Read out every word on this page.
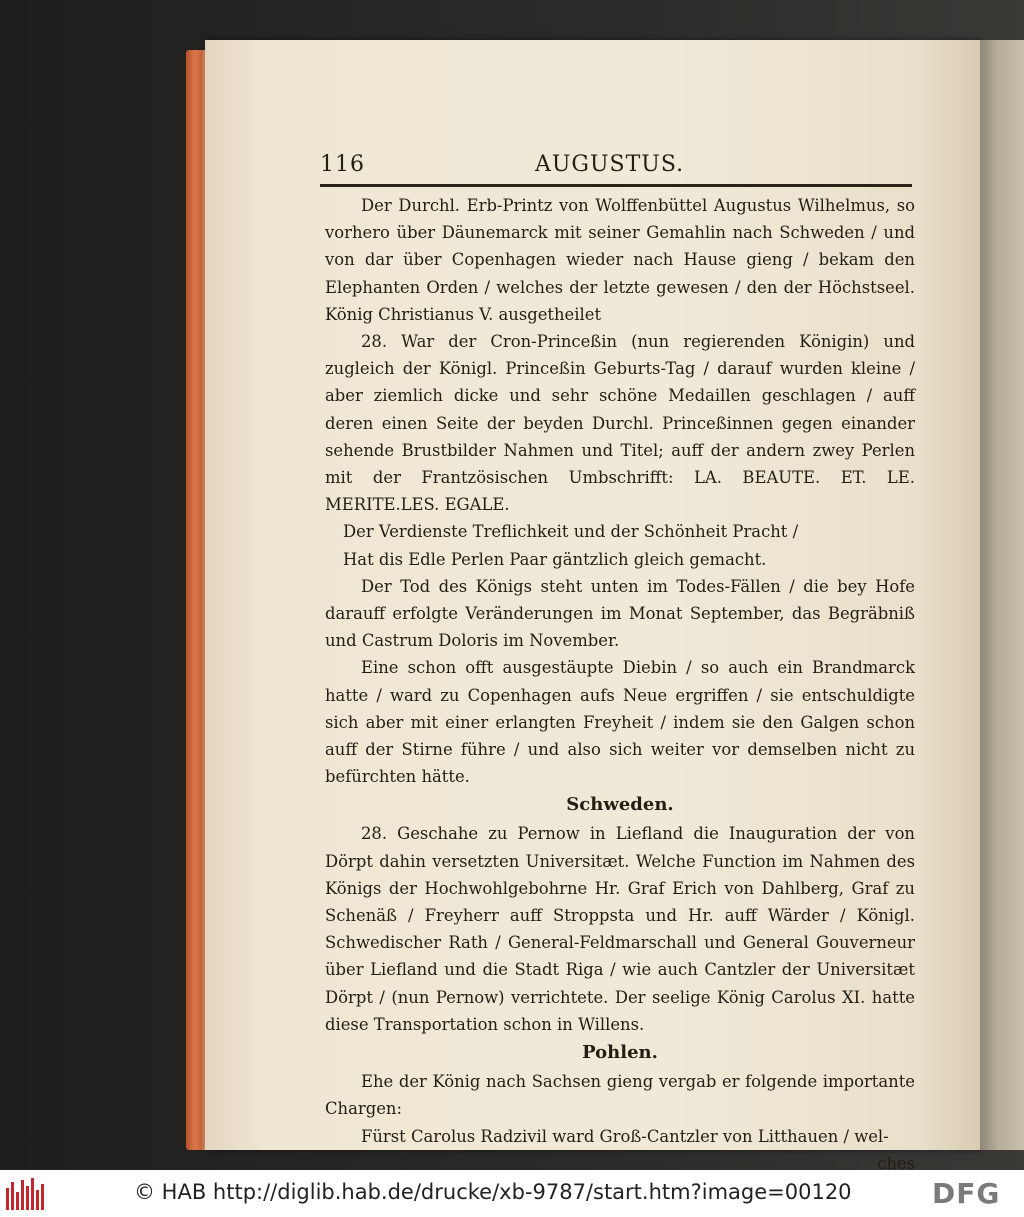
116	AUGUSTUS.
Der Durchl. Erb-Printz von Wolffenbüttel Augustus Wilhelmus, so vorhero über Däunemarck mit seiner Gemahlin nach Schweden / und von dar über Copenhagen wieder nach Hause gieng / bekam den Elephanten Orden / welches der letzte gewesen / den der Höchstseel. König Christianus V. ausgetheilet
28. War der Cron-Princeßin (nun regierenden Königin) und zugleich der Königl. Princeßin Geburts-Tag / darauf wurden kleine / aber ziemlich dicke und sehr schöne Medaillen geschlagen / auff deren einen Seite der beyden Durchl. Princeßinnen gegen einander sehende Brustbilder Nahmen und Titel; auff der andern zwey Perlen mit der Frantzösischen Umbschrifft: LA. BEAUTE. ET. LE. MERITE.LES. EGALE.
Der Verdienste Treflichkeit und der Schönheit Pracht /
Hat dis Edle Perlen Paar gäntzlich gleich gemacht.
Der Tod des Königs steht unten im Todes-Fällen / die bey Hofe darauff erfolgte Veränderungen im Monat September, das Begräbniß und Castrum Doloris im November.
Eine schon offt ausgestäupte Diebin / so auch ein Brandmarck hatte / ward zu Copenhagen aufs Neue ergriffen / sie entschuldigte sich aber mit einer erlangten Freyheit / indem sie den Galgen schon auff der Stirne führe / und also sich weiter vor demselben nicht zu befürchten hätte.
Schweden.
28. Geschahe zu Pernow in Liefland die Inauguration der von Dörpt dahin versetzten Universitæt. Welche Function im Nahmen des Königs der Hochwohlgebohrne Hr. Graf Erich von Dahlberg, Graf zu Schenäß / Freyherr auff Stroppsta und Hr. auff Wärder / Königl. Schwedischer Rath / General-Feldmarschall und General Gouverneur über Liefland und die Stadt Riga / wie auch Cantzler der Universitæt Dörpt / (nun Pernow) verrichtete. Der seelige König Carolus XI. hatte diese Transportation schon in Willens.
Pohlen.
Ehe der König nach Sachsen gieng vergab er folgende importante Chargen:
Fürst Carolus Radzivil ward Groß-Cantzler von Litthauen / wel-
ches
© HAB http://diglib.hab.de/drucke/xb-9787/start.htm?image=00120	DFG
